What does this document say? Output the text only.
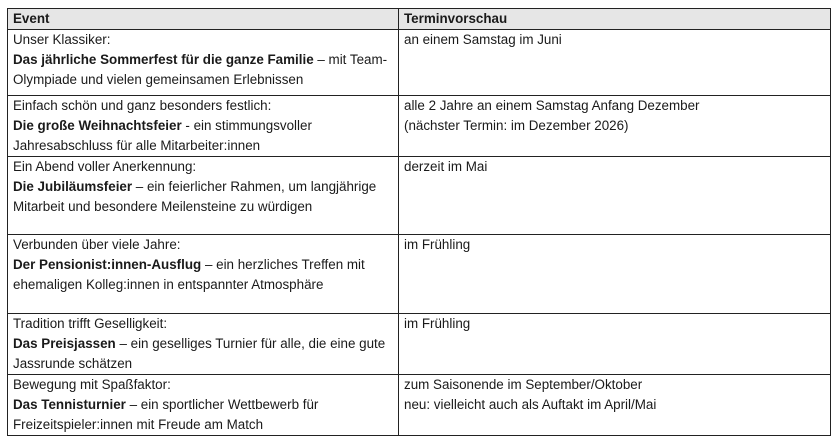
Event	Terminvorschau

Unser Klassiker:
Das jährliche Sommerfest für die ganze Familie – mit Team-Olympiade und vielen gemeinsamen Erlebnissen	an einem Samstag im Juni

Einfach schön und ganz besonders festlich:
Die große Weihnachtsfeier - ein stimmungsvoller Jahresabschluss für alle Mitarbeiter:innen	alle 2 Jahre an einem Samstag Anfang Dezember
(nächster Termin: im Dezember 2026)

Ein Abend voller Anerkennung:
Die Jubiläumsfeier – ein feierlicher Rahmen, um langjährige Mitarbeit und besondere Meilensteine zu würdigen	derzeit im Mai

Verbunden über viele Jahre:
Der Pensionist:innen-Ausflug – ein herzliches Treffen mit ehemaligen Kolleg:innen in entspannter Atmosphäre	im Frühling

Tradition trifft Geselligkeit:
Das Preisjassen – ein geselliges Turnier für alle, die eine gute Jassrunde schätzen	im Frühling

Bewegung mit Spaßfaktor:
Das Tennisturnier – ein sportlicher Wettbewerb für Freizeitspieler:innen mit Freude am Match	zum Saisonende im September/Oktober
neu: vielleicht auch als Auftakt im April/Mai
